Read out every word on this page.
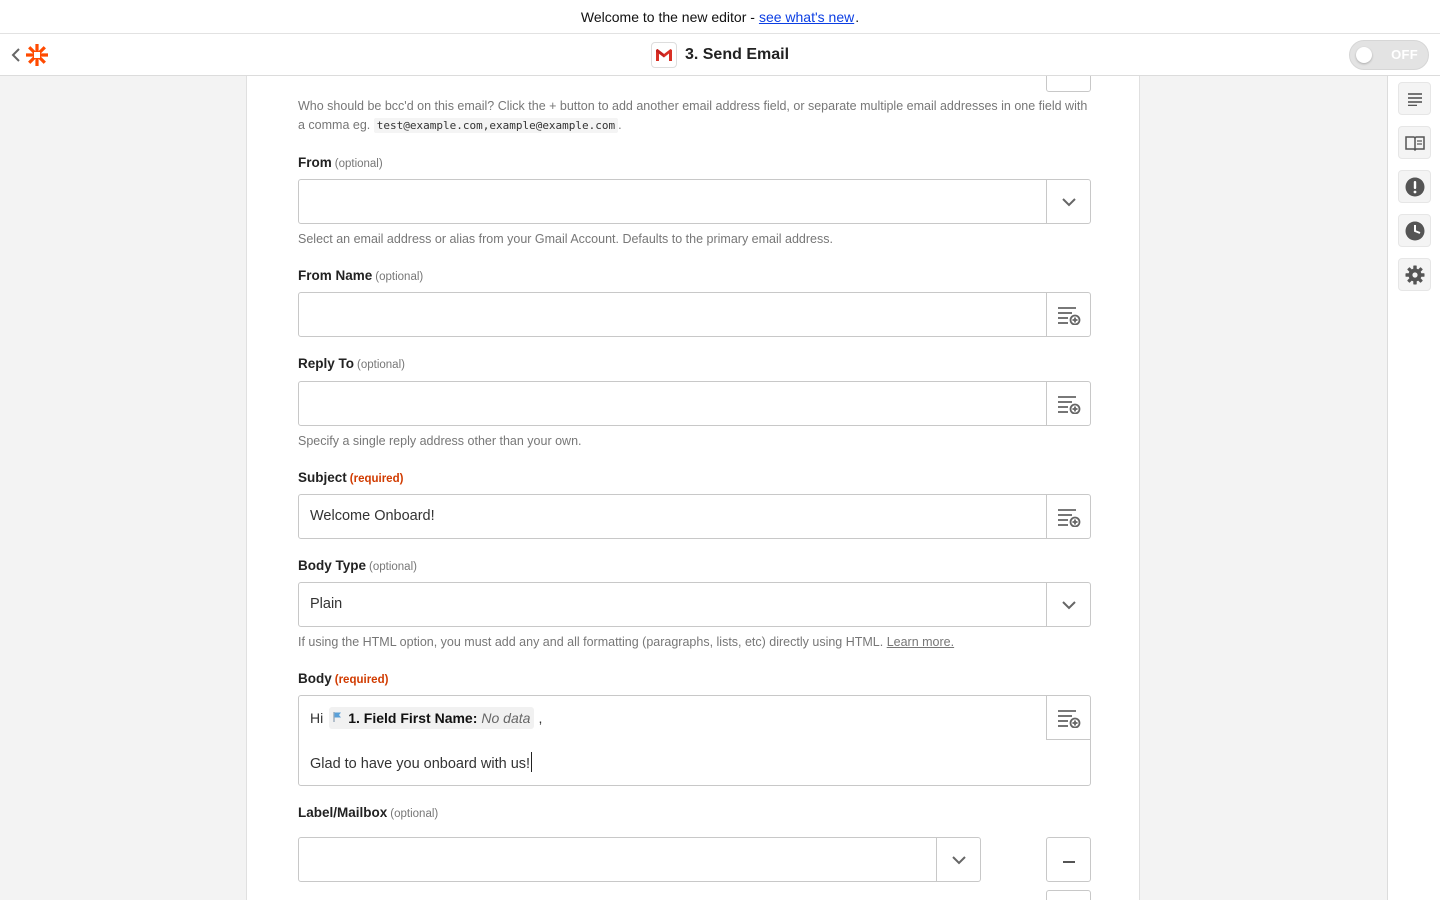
Welcome to the new editor - see what's new .
3. Send Email	OFF
Who should be bcc'd on this email? Click the + button to add another email address field, or separate multiple email addresses in one field with a comma eg. test@example.com,example@example.com .
From (optional)
Select an email address or alias from your Gmail Account. Defaults to the primary email address.
From Name (optional)
Reply To (optional)
Specify a single reply address other than your own.
Subject (required)
Welcome Onboard!
Body Type (optional)
Plain
If using the HTML option, you must add any and all formatting (paragraphs, lists, etc) directly using HTML. Learn more.
Body (required)
Hi 1. Field First Name: No data ,
Glad to have you onboard with us!
Label/Mailbox (optional)
